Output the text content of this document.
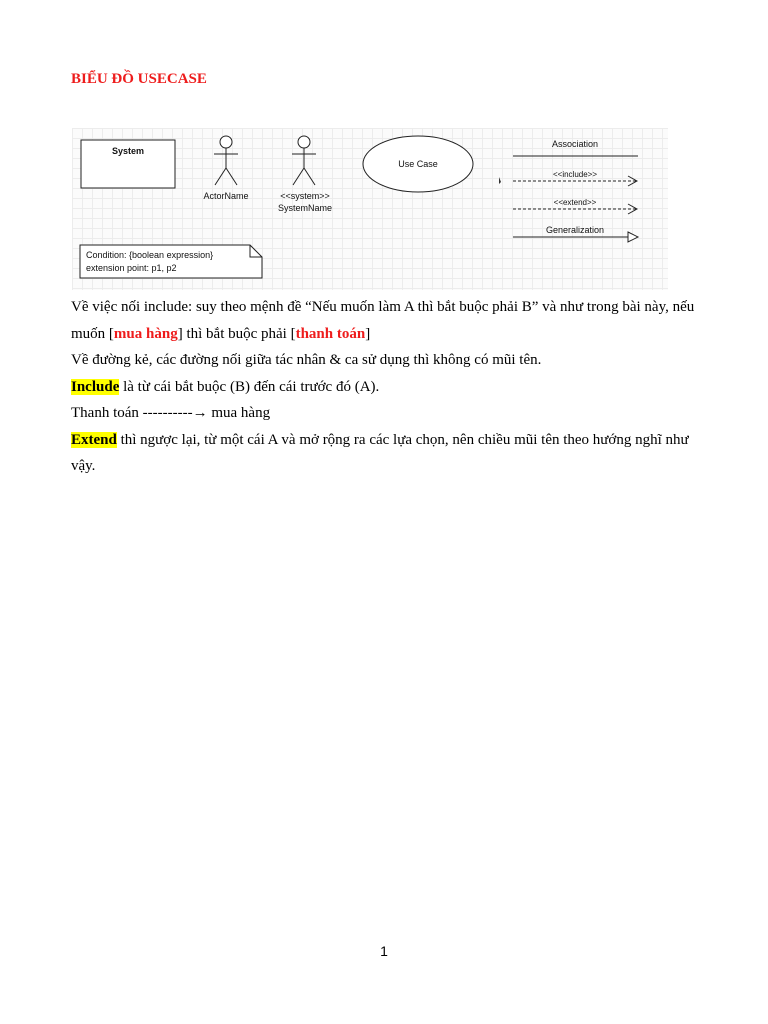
BIỂU ĐỒ USECASE
System
ActorName	<<system>>
SystemName
Use Case
Association
<<include>>
<<extend>>
Generalization
Condition: {boolean expression}
extension point: p1, p2

Về việc nối include: suy theo mệnh đề “Nếu muốn làm A thì bắt buộc phải B” và như trong bài này, nếu muốn [mua hàng] thì bắt buộc phải [thanh toán]

Về đường kẻ, các đường nối giữa tác nhân & ca sử dụng thì không có mũi tên.

Include là từ cái bắt buộc (B) đến cái trước đó (A).

Thanh toán ----------→ mua hàng

Extend thì ngược lại, từ một cái A và mở rộng ra các lựa chọn, nên chiều mũi tên theo hướng nghĩ như vậy.

1
